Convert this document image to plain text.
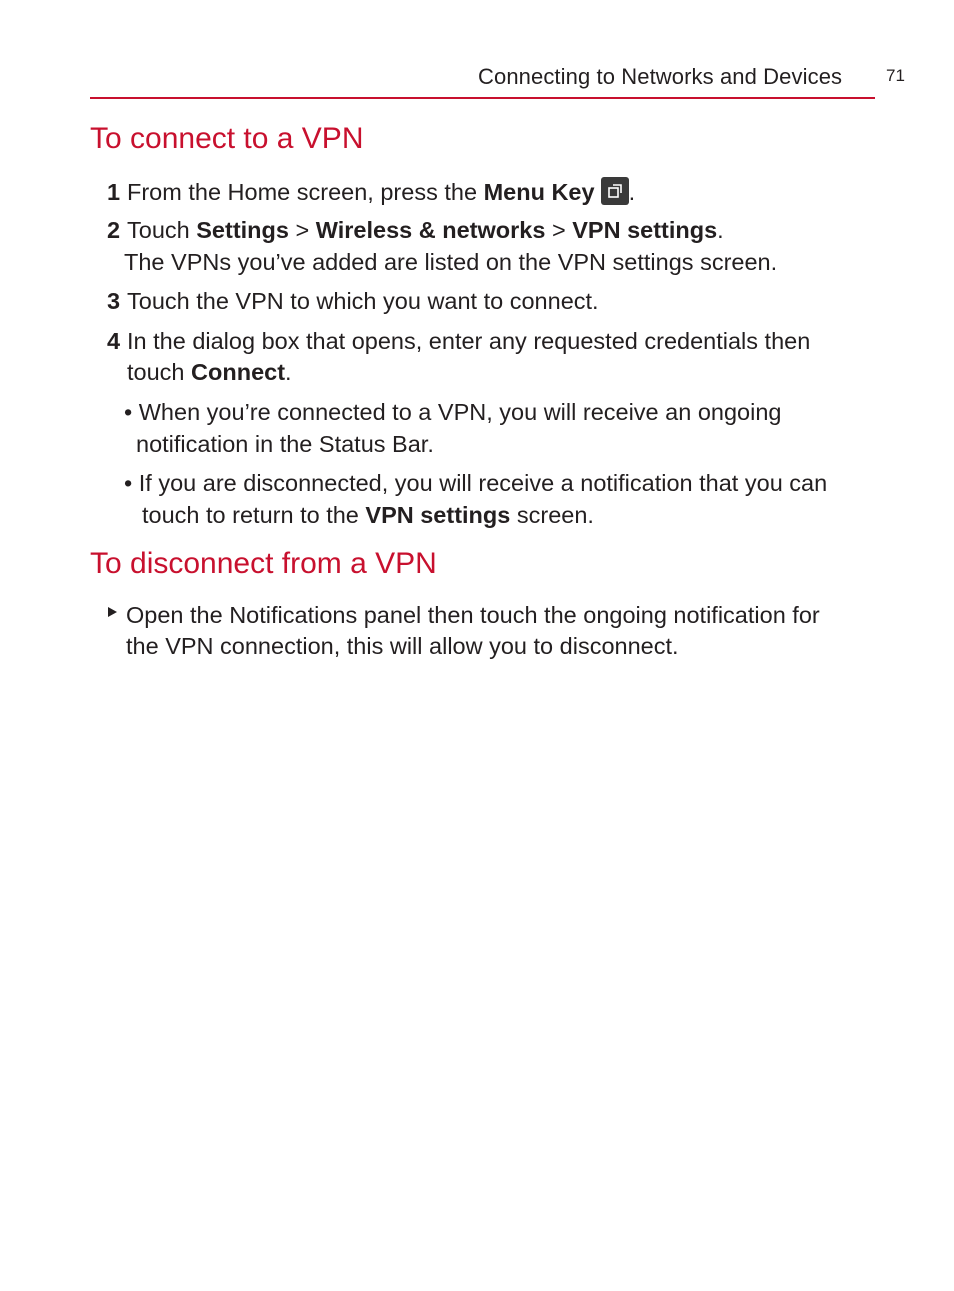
Connecting to Networks and Devices	71
To connect to a VPN
1 From the Home screen, press the Menu Key .
2 Touch Settings > Wireless & networks > VPN settings.
The VPNs you’ve added are listed on the VPN settings screen.
3 Touch the VPN to which you want to connect.
4 In the dialog box that opens, enter any requested credentials then
touch Connect.
• When you’re connected to a VPN, you will receive an ongoing
notification in the Status Bar.
• If you are disconnected, you will receive a notification that you can
touch to return to the VPN settings screen.
To disconnect from a VPN
Open the Notifications panel then touch the ongoing notification for
the VPN connection, this will allow you to disconnect.
